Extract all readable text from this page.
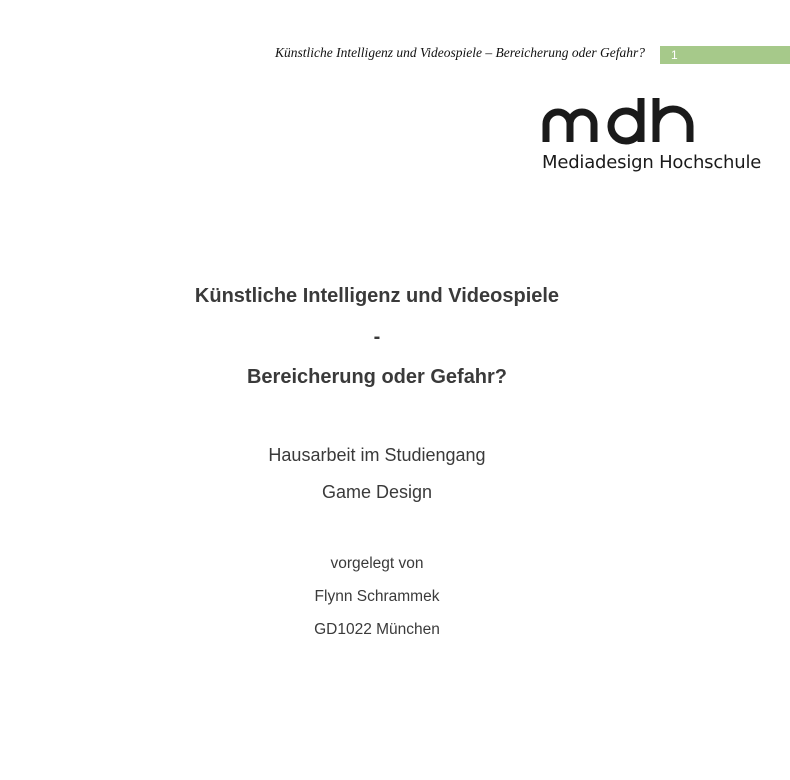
Künstliche Intelligenz und Videospiele – Bereicherung oder Gefahr?	1
Mediadesign Hochschule
Künstliche Intelligenz und Videospiele
-
Bereicherung oder Gefahr?
Hausarbeit im Studiengang
Game Design
vorgelegt von
Flynn Schrammek
GD1022 München
